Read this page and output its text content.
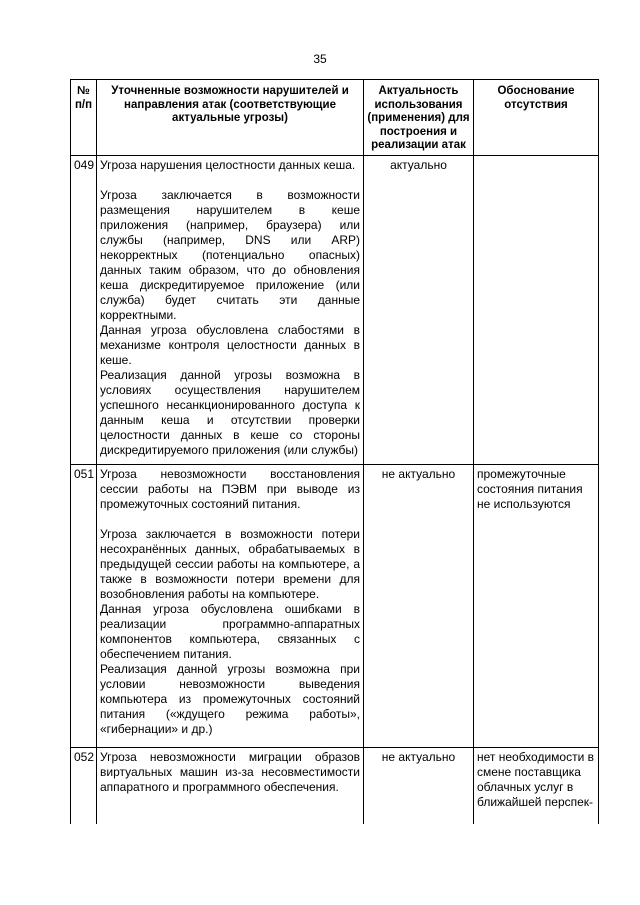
35
№ п/п	Уточненные возможности нарушителей и направления атак (соответствующие актуальные угрозы)	Актуальность использования (применения) для построения и реализации атак	Обоснование отсутствия
049	Угроза нарушения целостности данных кеша.

Угроза заключается в возможности размещения нарушителем в кеше приложения (например, браузера) или службы (например, DNS или ARP) некорректных (потенциально опасных) данных таким образом, что до обновления кеша дискредитируемое приложение (или служба) будет считать эти данные корректными.

Данная угроза обусловлена слабостями в механизме контроля целостности данных в кеше.

Реализация данной угрозы возможна в условиях осуществления нарушителем успешного несанкционированного доступа к данным кеша и отсутствии проверки целостности данных в кеше со стороны дискредитируемого приложения (или службы)	актуально	
051	Угроза невозможности восстановления сессии работы на ПЭВМ при выводе из промежуточных состояний питания.

Угроза заключается в возможности потери несохранённых данных, обрабатываемых в предыдущей сессии работы на компьютере, а также в возможности потери времени для возобновления работы на компьютере.

Данная угроза обусловлена ошибками в реализации программно-аппаратных компонентов компьютера, связанных с обеспечением питания.

Реализация данной угрозы возможна при условии невозможности выведения компьютера из промежуточных состояний питания («ждущего режима работы», «гибернации» и др.)	не актуально	промежуточные состояния питания не используются
052	Угроза невозможности миграции образов виртуальных машин из-за несовместимости аппаратного и программного обеспечения.	не актуально	нет необходимости в смене поставщика облачных услуг в ближайшей перспек-
